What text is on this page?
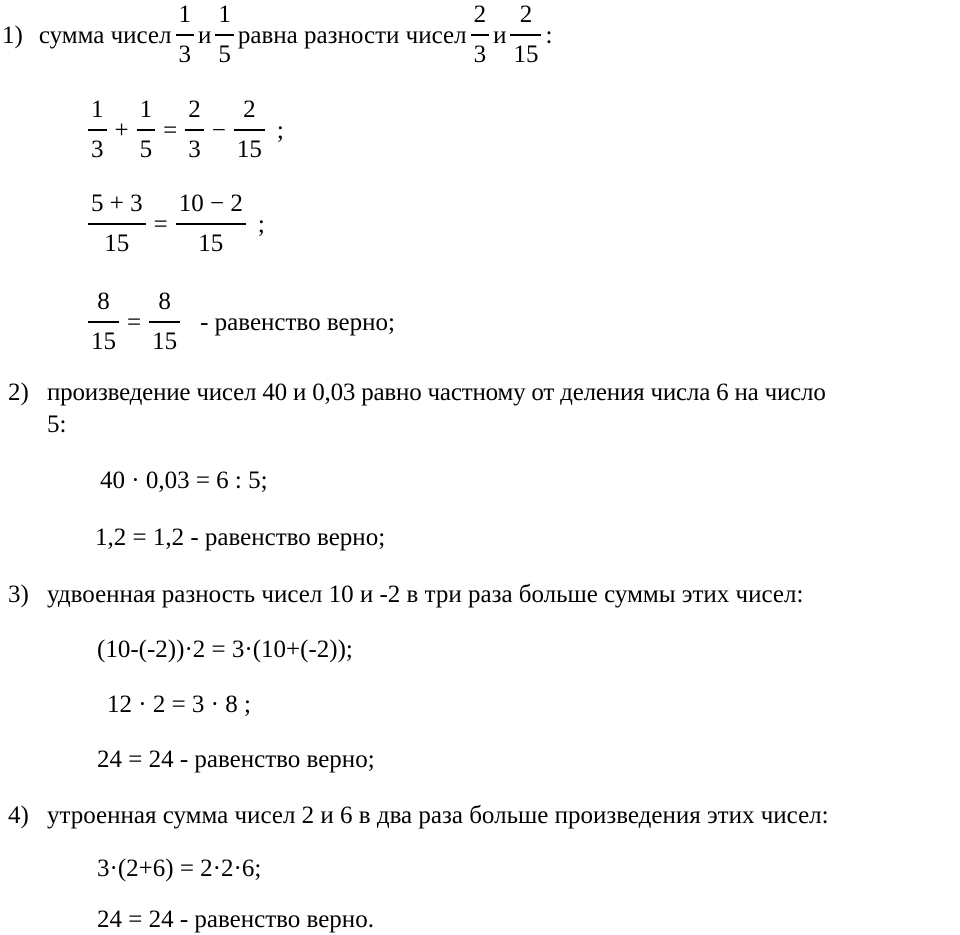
1) сумма чисел $\frac{1}{3}$ и $\frac{1}{5}$ равна разности чисел $\frac{2}{3}$ и $\frac{2}{15}$ :
$\frac{1}{3} + \frac{1}{5} = \frac{2}{3} - \frac{2}{15}$ ;
$\frac{5 + 3}{15} = \frac{10 - 2}{15}$ ;
$\frac{8}{15} = \frac{8}{15}$ - равенство верно;
2) произведение чисел 40 и 0,03 равно частному от деления числа 6 на число
5:
40 · 0,03 = 6 : 5;
1,2 = 1,2 - равенство верно;
3) удвоенная разность чисел 10 и -2 в три раза больше суммы этих чисел:
(10-(-2))·2 = 3·(10+(-2));
12 · 2 = 3 · 8 ;
24 = 24 - равенство верно;
4) утроенная сумма чисел 2 и 6 в два раза больше произведения этих чисел:
3·(2+6) = 2·2·6;
24 = 24 - равенство верно.
